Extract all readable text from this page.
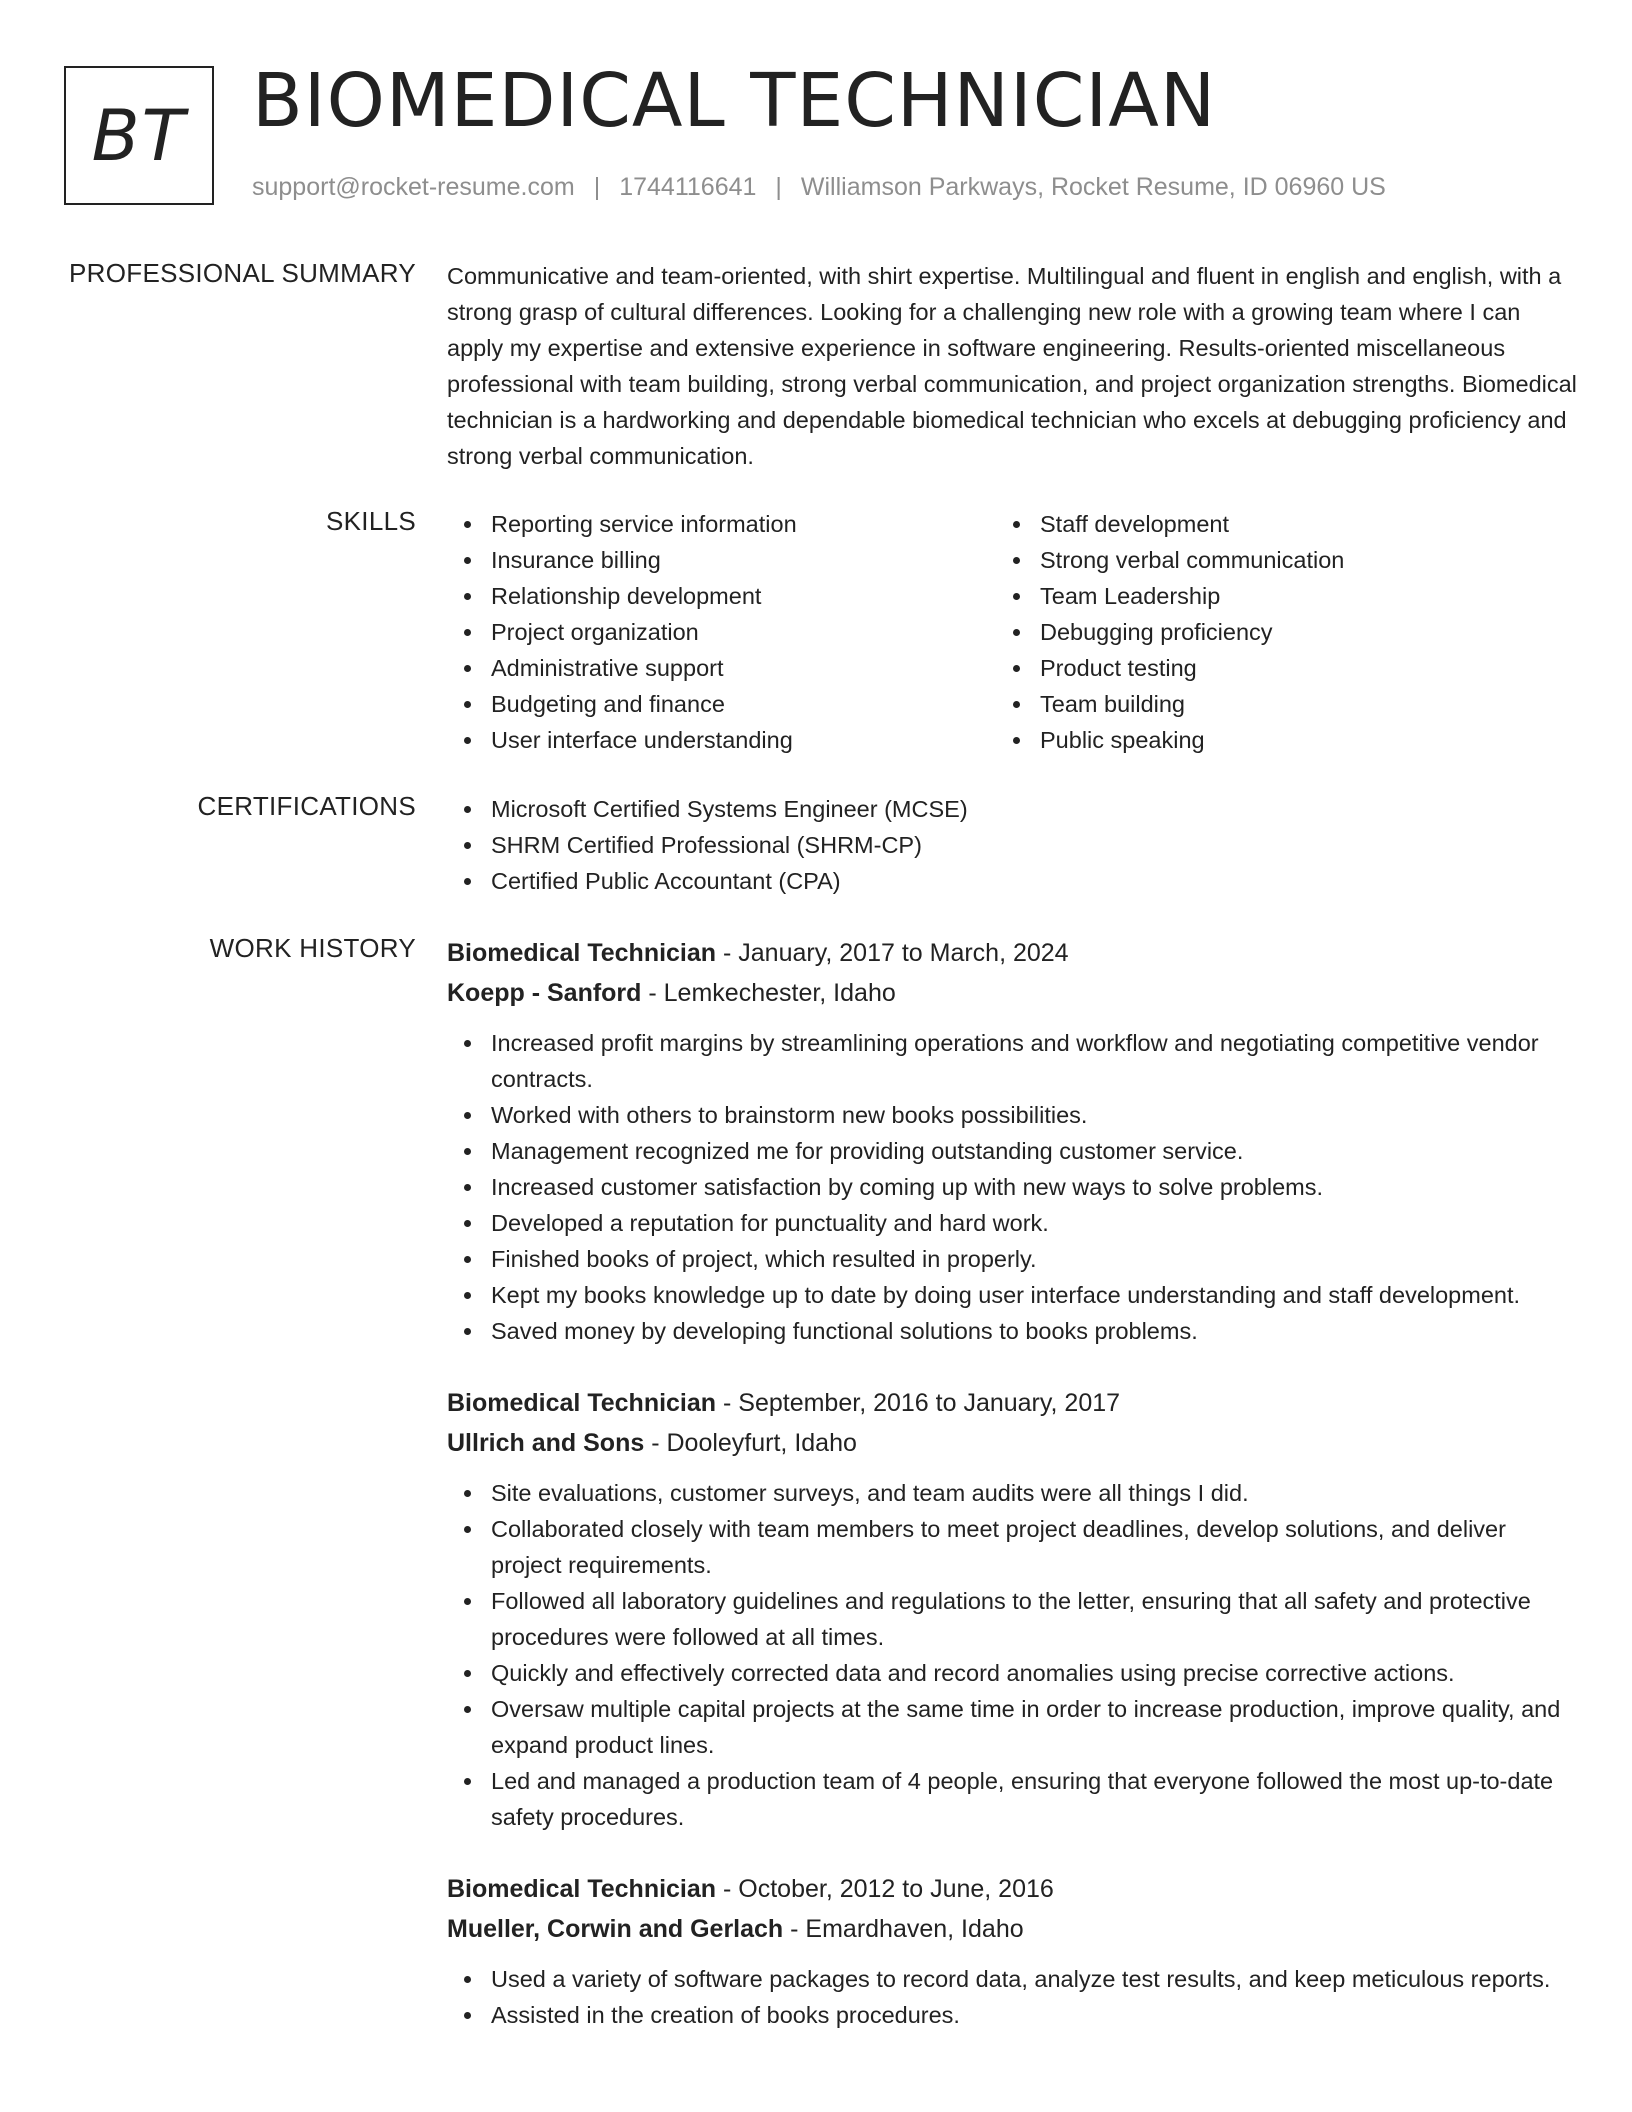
BT BIOMEDICAL TECHNICIAN
support@rocket-resume.com | 1744116641 | Williamson Parkways, Rocket Resume, ID 06960 US
PROFESSIONAL SUMMARY Communicative and team-oriented, with shirt expertise. Multilingual and fluent in english and english, with a strong grasp of cultural differences. Looking for a challenging new role with a growing team where I can apply my expertise and extensive experience in software engineering. Results-oriented miscellaneous professional with team building, strong verbal communication, and project organization strengths. Biomedical technician is a hardworking and dependable biomedical technician who excels at debugging proficiency and strong verbal communication.

SKILLS	Reporting service information
Insurance billing
Relationship development
Project organization
Administrative support
Budgeting and finance
User interface understanding
Staff development
Strong verbal communication
Team Leadership
Debugging proficiency
Product testing
Team building
Public speaking
CERTIFICATIONS	Microsoft Certified Systems Engineer (MCSE)
SHRM Certified Professional (SHRM-CP)
Certified Public Accountant (CPA)
WORK HISTORY Biomedical Technician - January, 2017 to March, 2024
Koepp - Sanford - Lemkechester, Idaho
Increased profit margins by streamlining operations and workflow and negotiating competitive vendor contracts.
Worked with others to brainstorm new books possibilities.
Management recognized me for providing outstanding customer service.
Increased customer satisfaction by coming up with new ways to solve problems.
Developed a reputation for punctuality and hard work.
Finished books of project, which resulted in properly.
Kept my books knowledge up to date by doing user interface understanding and staff development.
Saved money by developing functional solutions to books problems.
Biomedical Technician - September, 2016 to January, 2017
Ullrich and Sons - Dooleyfurt, Idaho
Site evaluations, customer surveys, and team audits were all things I did.
Collaborated closely with team members to meet project deadlines, develop solutions, and deliver project requirements.
Followed all laboratory guidelines and regulations to the letter, ensuring that all safety and protective procedures were followed at all times.
Quickly and effectively corrected data and record anomalies using precise corrective actions.
Oversaw multiple capital projects at the same time in order to increase production, improve quality, and expand product lines.
Led and managed a production team of 4 people, ensuring that everyone followed the most up-to-date safety procedures.
Biomedical Technician - October, 2012 to June, 2016
Mueller, Corwin and Gerlach - Emardhaven, Idaho
Used a variety of software packages to record data, analyze test results, and keep meticulous reports.
Assisted in the creation of books procedures.
